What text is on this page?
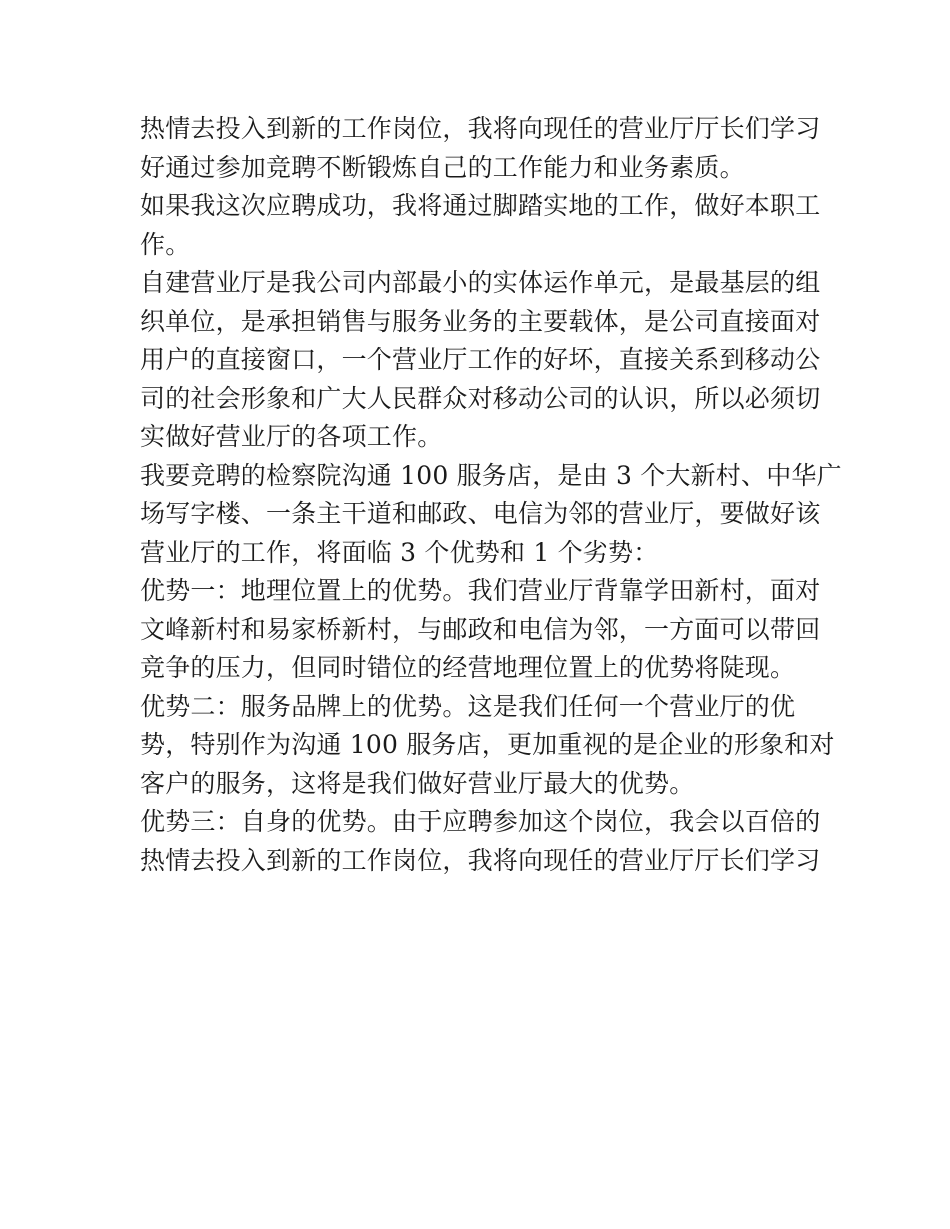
热情去投入到新的工作岗位，我将向现任的营业厅厅长们学习
好通过参加竞聘不断锻炼自己的工作能力和业务素质。
如果我这次应聘成功，我将通过脚踏实地的工作，做好本职工
作。
自建营业厅是我公司内部最小的实体运作单元，是最基层的组
织单位，是承担销售与服务业务的主要载体，是公司直接面对
用户的直接窗口，一个营业厅工作的好坏，直接关系到移动公
司的社会形象和广大人民群众对移动公司的认识，所以必须切
实做好营业厅的各项工作。
我要竞聘的检察院沟通 100 服务店，是由 3 个大新村、中华广
场写字楼、一条主干道和邮政、电信为邻的营业厅，要做好该
营业厅的工作，将面临 3 个优势和 1 个劣势：
优势一：地理位置上的优势。我们营业厅背靠学田新村，面对
文峰新村和易家桥新村，与邮政和电信为邻，一方面可以带回
竞争的压力，但同时错位的经营地理位置上的优势将陡现。
优势二：服务品牌上的优势。这是我们任何一个营业厅的优
势，特别作为沟通 100 服务店，更加重视的是企业的形象和对
客户的服务，这将是我们做好营业厅最大的优势。
优势三：自身的优势。由于应聘参加这个岗位，我会以百倍的
热情去投入到新的工作岗位，我将向现任的营业厅厅长们学习
